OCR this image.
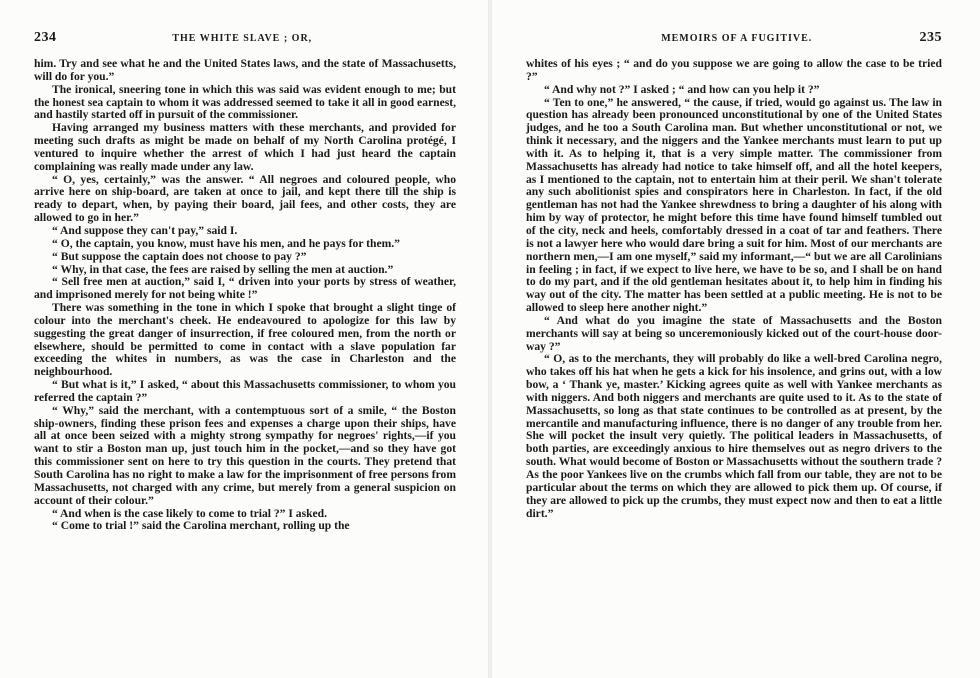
234	THE WHITE SLAVE ; OR,

him. Try and see what he and the United States laws, and the state of Massachusetts, will do for you.”

The ironical, sneering tone in which this was said was evident enough to me; but the honest sea captain to whom it was addressed seemed to take it all in good earnest, and hastily started off in pursuit of the commissioner.

Having arranged my business matters with these merchants, and provided for meeting such drafts as might be made on behalf of my North Carolina protégé, I ventured to inquire whether the arrest of which I had just heard the captain complaining was really made under any law.

“ O, yes, certainly,” was the answer. “ All negroes and coloured people, who arrive here on ship-board, are taken at once to jail, and kept there till the ship is ready to depart, when, by paying their board, jail fees, and other costs, they are allowed to go in her.”

“ And suppose they can't pay,” said I.

“ O, the captain, you know, must have his men, and he pays for them.”

“ But suppose the captain does not choose to pay ?”

“ Why, in that case, the fees are raised by selling the men at auction.”

“ Sell free men at auction,” said I, “ driven into your ports by stress of weather, and imprisoned merely for not being white !”

There was something in the tone in which I spoke that brought a slight tinge of colour into the merchant's cheek. He endeavoured to apologize for this law by suggesting the great danger of insurrection, if free coloured men, from the north or elsewhere, should be permitted to come in contact with a slave population far exceeding the whites in numbers, as was the case in Charleston and the neighbourhood.

“ But what is it,” I asked, “ about this Massachusetts commissioner, to whom you referred the captain ?”

“ Why,” said the merchant, with a contemptuous sort of a smile, “ the Boston ship-owners, finding these prison fees and expenses a charge upon their ships, have all at once been seized with a mighty strong sympathy for negroes' rights,—if you want to stir a Boston man up, just touch him in the pocket,—and so they have got this commissioner sent on here to try this question in the courts. They pretend that South Carolina has no right to make a law for the imprisonment of free persons from Massachusetts, not charged with any crime, but merely from a general suspicion on account of their colour.”

“ And when is the case likely to come to trial ?” I asked.

“ Come to trial !” said the Carolina merchant, rolling up the

MEMOIRS OF A FUGITIVE.	235

whites of his eyes ; “ and do you suppose we are going to allow the case to be tried ?”

“ And why not ?” I asked ; “ and how can you help it ?”

“ Ten to one,” he answered, “ the cause, if tried, would go against us. The law in question has already been pronounced unconstitutional by one of the United States judges, and he too a South Carolina man. But whether unconstitutional or not, we think it necessary, and the niggers and the Yankee merchants must learn to put up with it. As to helping it, that is a very simple matter. The commissioner from Massachusetts has already had notice to take himself off, and all the hotel keepers, as I mentioned to the captain, not to entertain him at their peril. We shan't tolerate any such abolitionist spies and conspirators here in Charleston. In fact, if the old gentleman has not had the Yankee shrewdness to bring a daughter of his along with him by way of protector, he might before this time have found himself tumbled out of the city, neck and heels, comfortably dressed in a coat of tar and feathers. There is not a lawyer here who would dare bring a suit for him. Most of our merchants are northern men,—I am one myself,” said my informant,—“ but we are all Carolinians in feeling ; in fact, if we expect to live here, we have to be so, and I shall be on hand to do my part, and if the old gentleman hesitates about it, to help him in finding his way out of the city. The matter has been settled at a public meeting. He is not to be allowed to sleep here another night.”

“ And what do you imagine the state of Massachusetts and the Boston merchants will say at being so unceremoniously kicked out of the court-house door-way ?”

“ O, as to the merchants, they will probably do like a well-bred Carolina negro, who takes off his hat when he gets a kick for his insolence, and grins out, with a low bow, a ‘ Thank ye, master.’ Kicking agrees quite as well with Yankee merchants as with niggers. And both niggers and merchants are quite used to it. As to the state of Massachusetts, so long as that state continues to be controlled as at present, by the mercantile and manufacturing influence, there is no danger of any trouble from her. She will pocket the insult very quietly. The political leaders in Massachusetts, of both parties, are exceedingly anxious to hire themselves out as negro drivers to the south. What would become of Boston or Massachusetts without the southern trade ? As the poor Yankees live on the crumbs which fall from our table, they are not to be particular about the terms on which they are allowed to pick them up. Of course, if they are allowed to pick up the crumbs, they must expect now and then to eat a little dirt.”
